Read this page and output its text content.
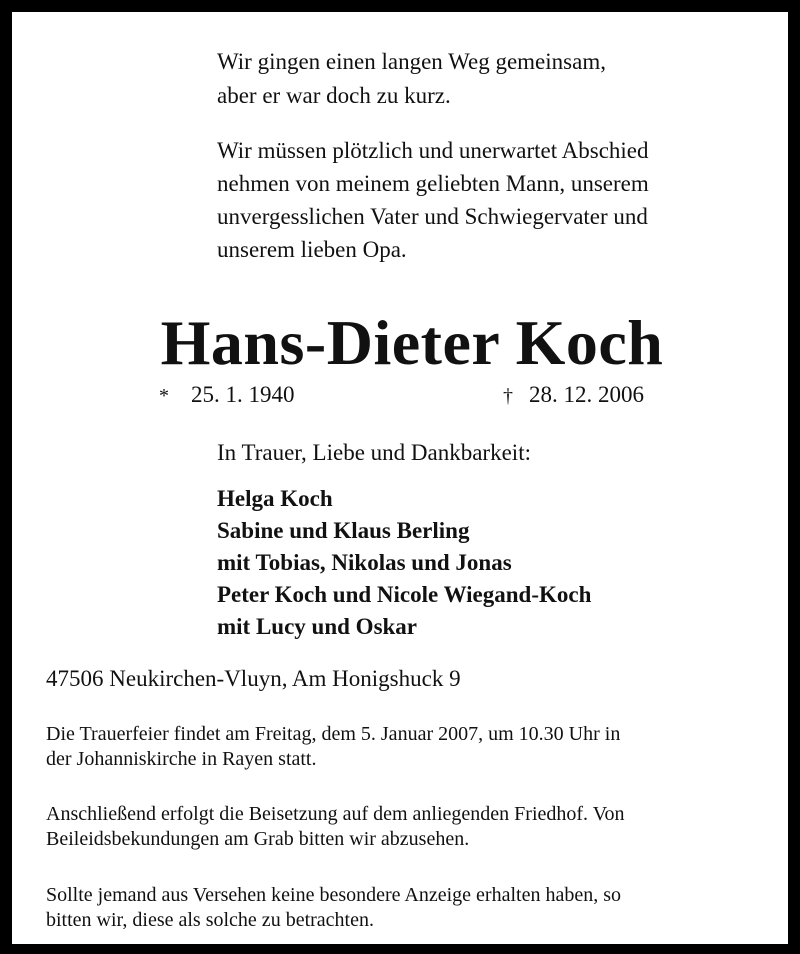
Wir gingen einen langen Weg gemeinsam,
aber er war doch zu kurz.
Wir müssen plötzlich und unerwartet Abschied
nehmen von meinem geliebten Mann, unserem
unvergesslichen Vater und Schwiegervater und
unserem lieben Opa.
Hans-Dieter Koch
* 25. 1. 1940	† 28. 12. 2006
In Trauer, Liebe und Dankbarkeit:
Helga Koch
Sabine und Klaus Berling
mit Tobias, Nikolas und Jonas
Peter Koch und Nicole Wiegand-Koch
mit Lucy und Oskar
47506 Neukirchen-Vluyn, Am Honigshuck 9
Die Trauerfeier findet am Freitag, dem 5. Januar 2007, um 10.30 Uhr in
der Johanniskirche in Rayen statt.
Anschließend erfolgt die Beisetzung auf dem anliegenden Friedhof. Von
Beileidsbekundungen am Grab bitten wir abzusehen.
Sollte jemand aus Versehen keine besondere Anzeige erhalten haben, so
bitten wir, diese als solche zu betrachten.
